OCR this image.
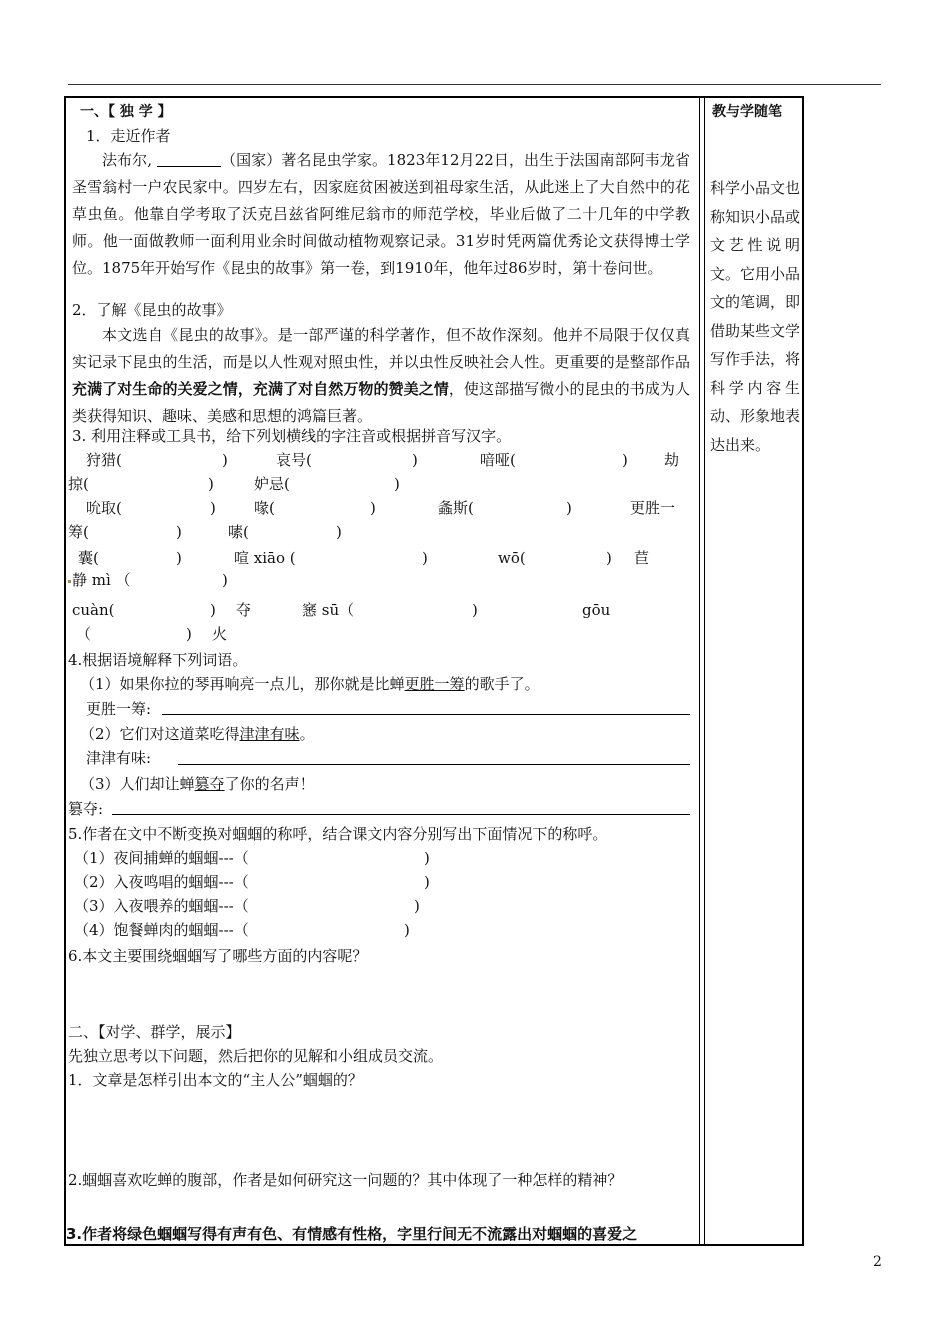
教与学随笔
科学小品文也称知识小品或文艺性说明文。它用小品文的笔调，即借助某些文学写作手法，将科学内容生动、形象地表达出来。
一、【 独 学 】
1．走近作者
法布尔,	（国家）著名昆虫学家。1823年12月22日，出生于法国南部阿韦龙省圣雪翁村一户农民家中。四岁左右，因家庭贫困被送到祖母家生活，从此迷上了大自然中的花草虫鱼。他靠自学考取了沃克吕兹省阿维尼翁市的师范学校，毕业后做了二十几年的中学教师。他一面做教师一面利用业余时间做动植物观察记录。31岁时凭两篇优秀论文获得博士学位。1875年开始写作《昆虫的故事》第一卷，到1910年，他年过86岁时，第十卷问世。
2．了解《昆虫的故事》
本文选自《昆虫的故事》。是一部严谨的科学著作，但不故作深刻。他并不局限于仅仅真实记录下昆虫的生活，而是以人性观对照虫性，并以虫性反映社会人性。更重要的是整部作品充满了对生命的关爱之情，充满了对自然万物的赞美之情，使这部描写微小的昆虫的书成为人类获得知识、趣味、美感和思想的鸿篇巨著。
3. 利用注释或工具书，给下列划横线的字注音或根据拼音写汉字。
狩猎(	)	哀号(	)	喑哑(	) 劫
掠(	)	妒忌(	)
吮取(	)	喙(	)	螽斯(	)	更胜一
筹(	)	嗉(	)
囊(	)	喧 xiāo (	)	wō(	) 苣
静 mì （	)
cuàn(	) 夺	窸 sū（	)	gōu
（	) 火
4.根据语境解释下列词语。
（1）如果你拉的琴再响亮一点儿，那你就是比蝉更胜一筹的歌手了。
更胜一筹:
（2）它们对这道菜吃得津津有味。
津津有味:
（3）人们却让蝉篡夺了你的名声！
篡夺:
5.作者在文中不断变换对蝈蝈的称呼，结合课文内容分别写出下面情况下的称呼。
（1）夜间捕蝉的蝈蝈---（	)
（2）入夜鸣唱的蝈蝈---（	)
（3）入夜喂养的蝈蝈---（	)
（4）饱餐蝉肉的蝈蝈---（	)
6.本文主要围绕蝈蝈写了哪些方面的内容呢？
二、【对学、群学，展示】
先独立思考以下问题，然后把你的见解和小组成员交流。
1．文章是怎样引出本文的“主人公”蝈蝈的？
2.蝈蝈喜欢吃蝉的腹部，作者是如何研究这一问题的？其中体现了一种怎样的精神？
3.作者将绿色蝈蝈写得有声有色、有情感有性格，字里行间无不流露出对蝈蝈的喜爱之
2
